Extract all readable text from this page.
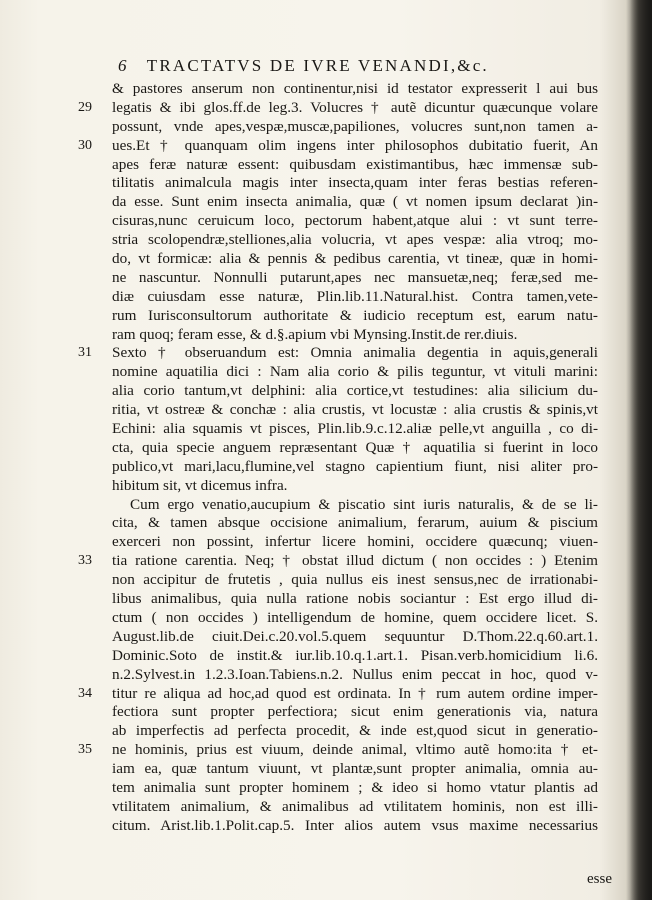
6 TRACTATVS DE IVRE VENANDI,&c.
& pastores anserum non continentur,nisi id testator expresserit l aui bus
29	legatis & ibi glos.ff.de leg.3. Volucres † autẽ dicuntur quæcunque volare
possunt, vnde apes,vespæ,muscæ,papiliones, volucres sunt,non tamen a-
30	ues.Et † quanquam olim ingens inter philosophos dubitatio fuerit, An
apes feræ naturæ essent: quibusdam existimantibus, hæc immensæ sub-
tilitatis animalcula magis inter insecta,quam inter feras bestias referen-
da esse. Sunt enim insecta animalia, quæ ( vt nomen ipsum declarat )in-
cisuras,nunc ceruicum loco, pectorum habent,atque alui : vt sunt terre-
stria scolopendræ,stelliones,alia volucria, vt apes vespæ: alia vtroq; mo-
do, vt formicæ: alia & pennis & pedibus carentia, vt tineæ, quæ in homi-
ne nascuntur. Nonnulli putarunt,apes nec mansuetæ,neq; feræ,sed me-
diæ cuiusdam esse naturæ, Plin.lib.11.Natural.hist. Contra tamen,vete-
rum Iurisconsultorum authoritate & iudicio receptum est, earum natu-
ram quoq; feram esse, & d.§.apium vbi Mynsing.Instit.de rer.diuis.
31	Sexto † obseruandum est: Omnia animalia degentia in aquis,generali
nomine aquatilia dici : Nam alia corio & pilis teguntur, vt vituli marini:
alia corio tantum,vt delphini: alia cortice,vt testudines: alia silicium du-
ritia, vt ostreæ & conchæ : alia crustis, vt locustæ : alia crustis & spinis,vt
Echini: alia squamis vt pisces, Plin.lib.9.c.12.aliæ pelle,vt anguilla , co di-
cta, quia specie anguem repræsentant Quæ † aquatilia si fuerint in loco
publico,vt mari,lacu,flumine,vel stagno capientium fiunt, nisi aliter pro-
hibitum sit, vt dicemus infra.
Cum ergo venatio,aucupium & piscatio sint iuris naturalis, & de se li-
cita, & tamen absque occisione animalium, ferarum, auium & piscium
exerceri non possint, infertur licere homini, occidere quæcunq; viuen-
33	tia ratione carentia. Neq; † obstat illud dictum ( non occides : ) Etenim
non accipitur de frutetis , quia nullus eis inest sensus,nec de irrationabi-
libus animalibus, quia nulla ratione nobis sociantur : Est ergo illud di-
ctum ( non occides ) intelligendum de homine, quem occidere licet. S.
August.lib.de ciuit.Dei.c.20.vol.5.quem sequuntur D.Thom.22.q.60.art.1.
Dominic.Soto de instit.& iur.lib.10.q.1.art.1. Pisan.verb.homicidium li.6.
n.2.Sylvest.in 1.2.3.Ioan.Tabiens.n.2. Nullus enim peccat in hoc, quod v-
34	titur re aliqua ad hoc,ad quod est ordinata. In † rum autem ordine imper-
fectiora sunt propter perfectiora; sicut enim generationis via, natura
ab imperfectis ad perfecta procedit, & inde est,quod sicut in generatio-
35	ne hominis, prius est viuum, deinde animal, vltimo autẽ homo:ita † et-
iam ea, quæ tantum viuunt, vt plantæ,sunt propter animalia, omnia au-
tem animalia sunt propter hominem ; & ideo si homo vtatur plantis ad
vtilitatem animalium, & animalibus ad vtilitatem hominis, non est illi-
citum. Arist.lib.1.Polit.cap.5. Inter alios autem vsus maxime necessarius
esse
